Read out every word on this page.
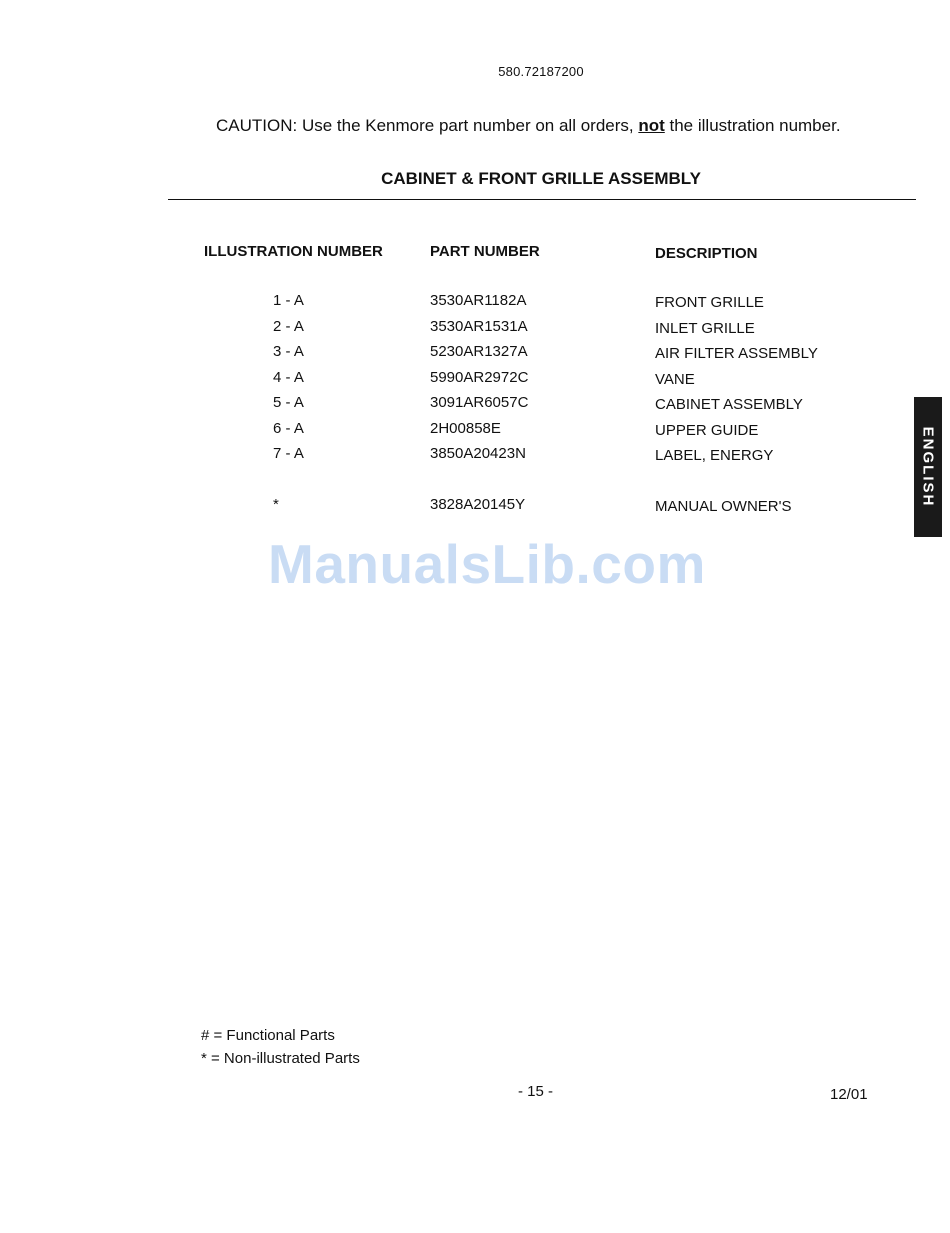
580.72187200
CAUTION: Use the Kenmore part number on all orders, not the illustration number.
CABINET & FRONT GRILLE ASSEMBLY
ILLUSTRATION NUMBER	PART NUMBER	DESCRIPTION
1 - A	3530AR1182A	FRONT GRILLE
2 - A	3530AR1531A	INLET GRILLE
3 - A	5230AR1327A	AIR FILTER ASSEMBLY
4 - A	5990AR2972C	VANE
5 - A	3091AR6057C	CABINET ASSEMBLY
6 - A	2H00858E	UPPER GUIDE
7 - A	3850A20423N	LABEL, ENERGY
*	3828A20145Y	MANUAL OWNER'S
ManualsLib.com
ENGLISH
# = Functional Parts
* = Non-illustrated Parts
- 15 -	12/01
